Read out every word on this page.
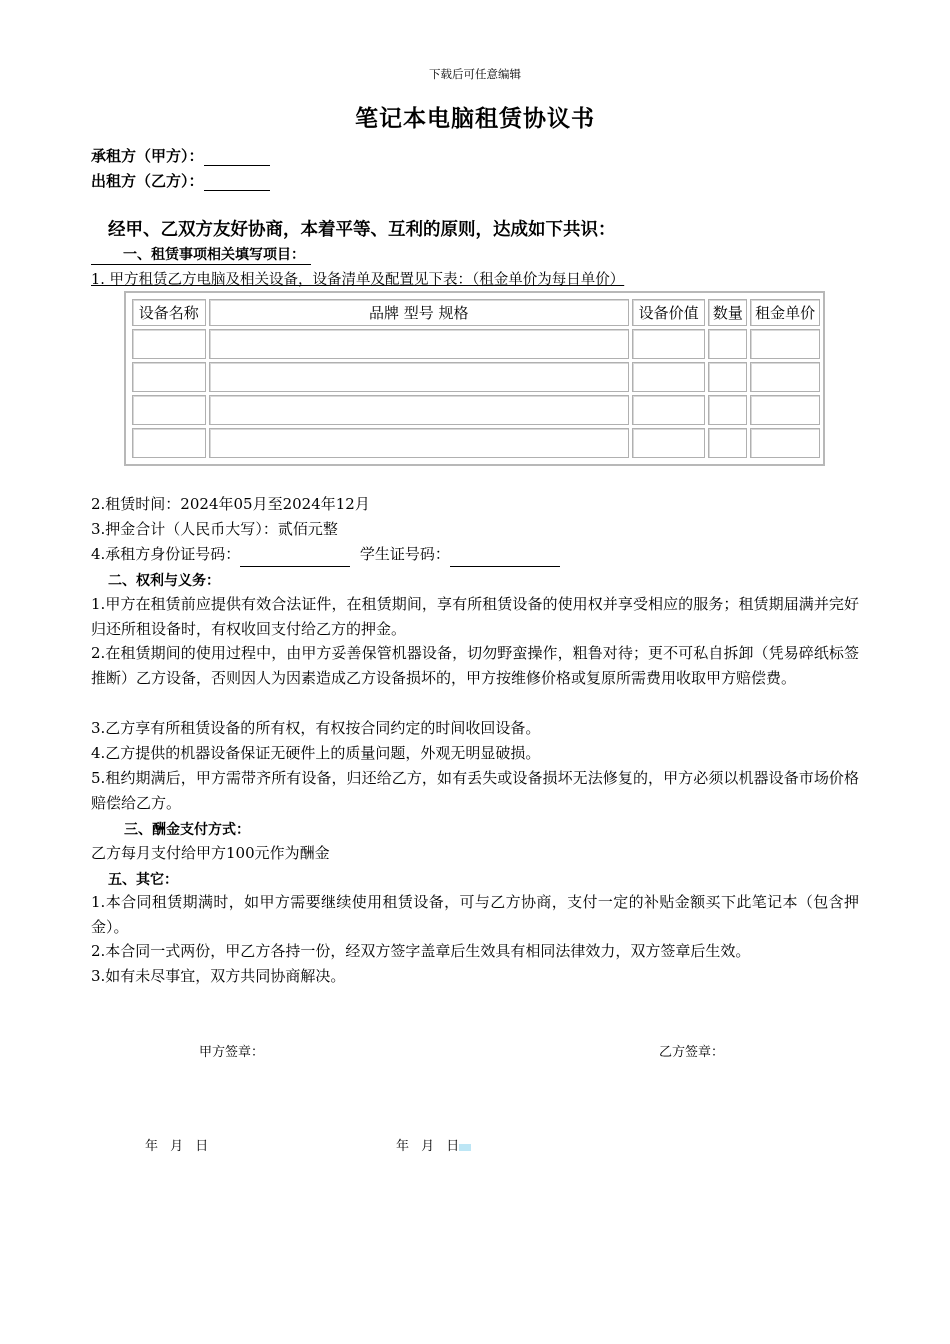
下载后可任意编辑
笔记本电脑租赁协议书
承租方（甲方）：
出租方（乙方）：
经甲、乙双方友好协商，本着平等、互利的原则，达成如下共识：
一、租赁事项相关填写项目：
1. 甲方租赁乙方电脑及相关设备，设备清单及配置见下表：（租金单价为每日单价）
设备名称	品牌 型号 规格	设备价值	数量	租金单价

2.租赁时间：2024年05月至2024年12月
3.押金合计（人民币大写）：贰佰元整
4.承租方身份证号码：	学生证号码：
二、权利与义务：
1.甲方在租赁前应提供有效合法证件，在租赁期间，享有所租赁设备的使用权并享受相应的服务；租赁期届满并完好归还所租设备时，有权收回支付给乙方的押金。
2.在租赁期间的使用过程中，由甲方妥善保管机器设备，切勿野蛮操作，粗鲁对待；更不可私自拆卸（凭易碎纸标签推断）乙方设备，否则因人为因素造成乙方设备损坏的，甲方按维修价格或复原所需费用收取甲方赔偿费。
3.乙方享有所租赁设备的所有权，有权按合同约定的时间收回设备。
4.乙方提供的机器设备保证无硬件上的质量问题，外观无明显破损。
5.租约期满后，甲方需带齐所有设备，归还给乙方，如有丢失或设备损坏无法修复的，甲方必须以机器设备市场价格赔偿给乙方。
三、酬金支付方式：
乙方每月支付给甲方100元作为酬金
五、其它：
1.本合同租赁期满时，如甲方需要继续使用租赁设备，可与乙方协商，支付一定的补贴金额买下此笔记本（包含押金）。
2.本合同一式两份，甲乙方各持一份，经双方签字盖章后生效具有相同法律效力，双方签章后生效。
3.如有未尽事宜，双方共同协商解决。
甲方签章：	乙方签章：
年 月 日	年 月 日
